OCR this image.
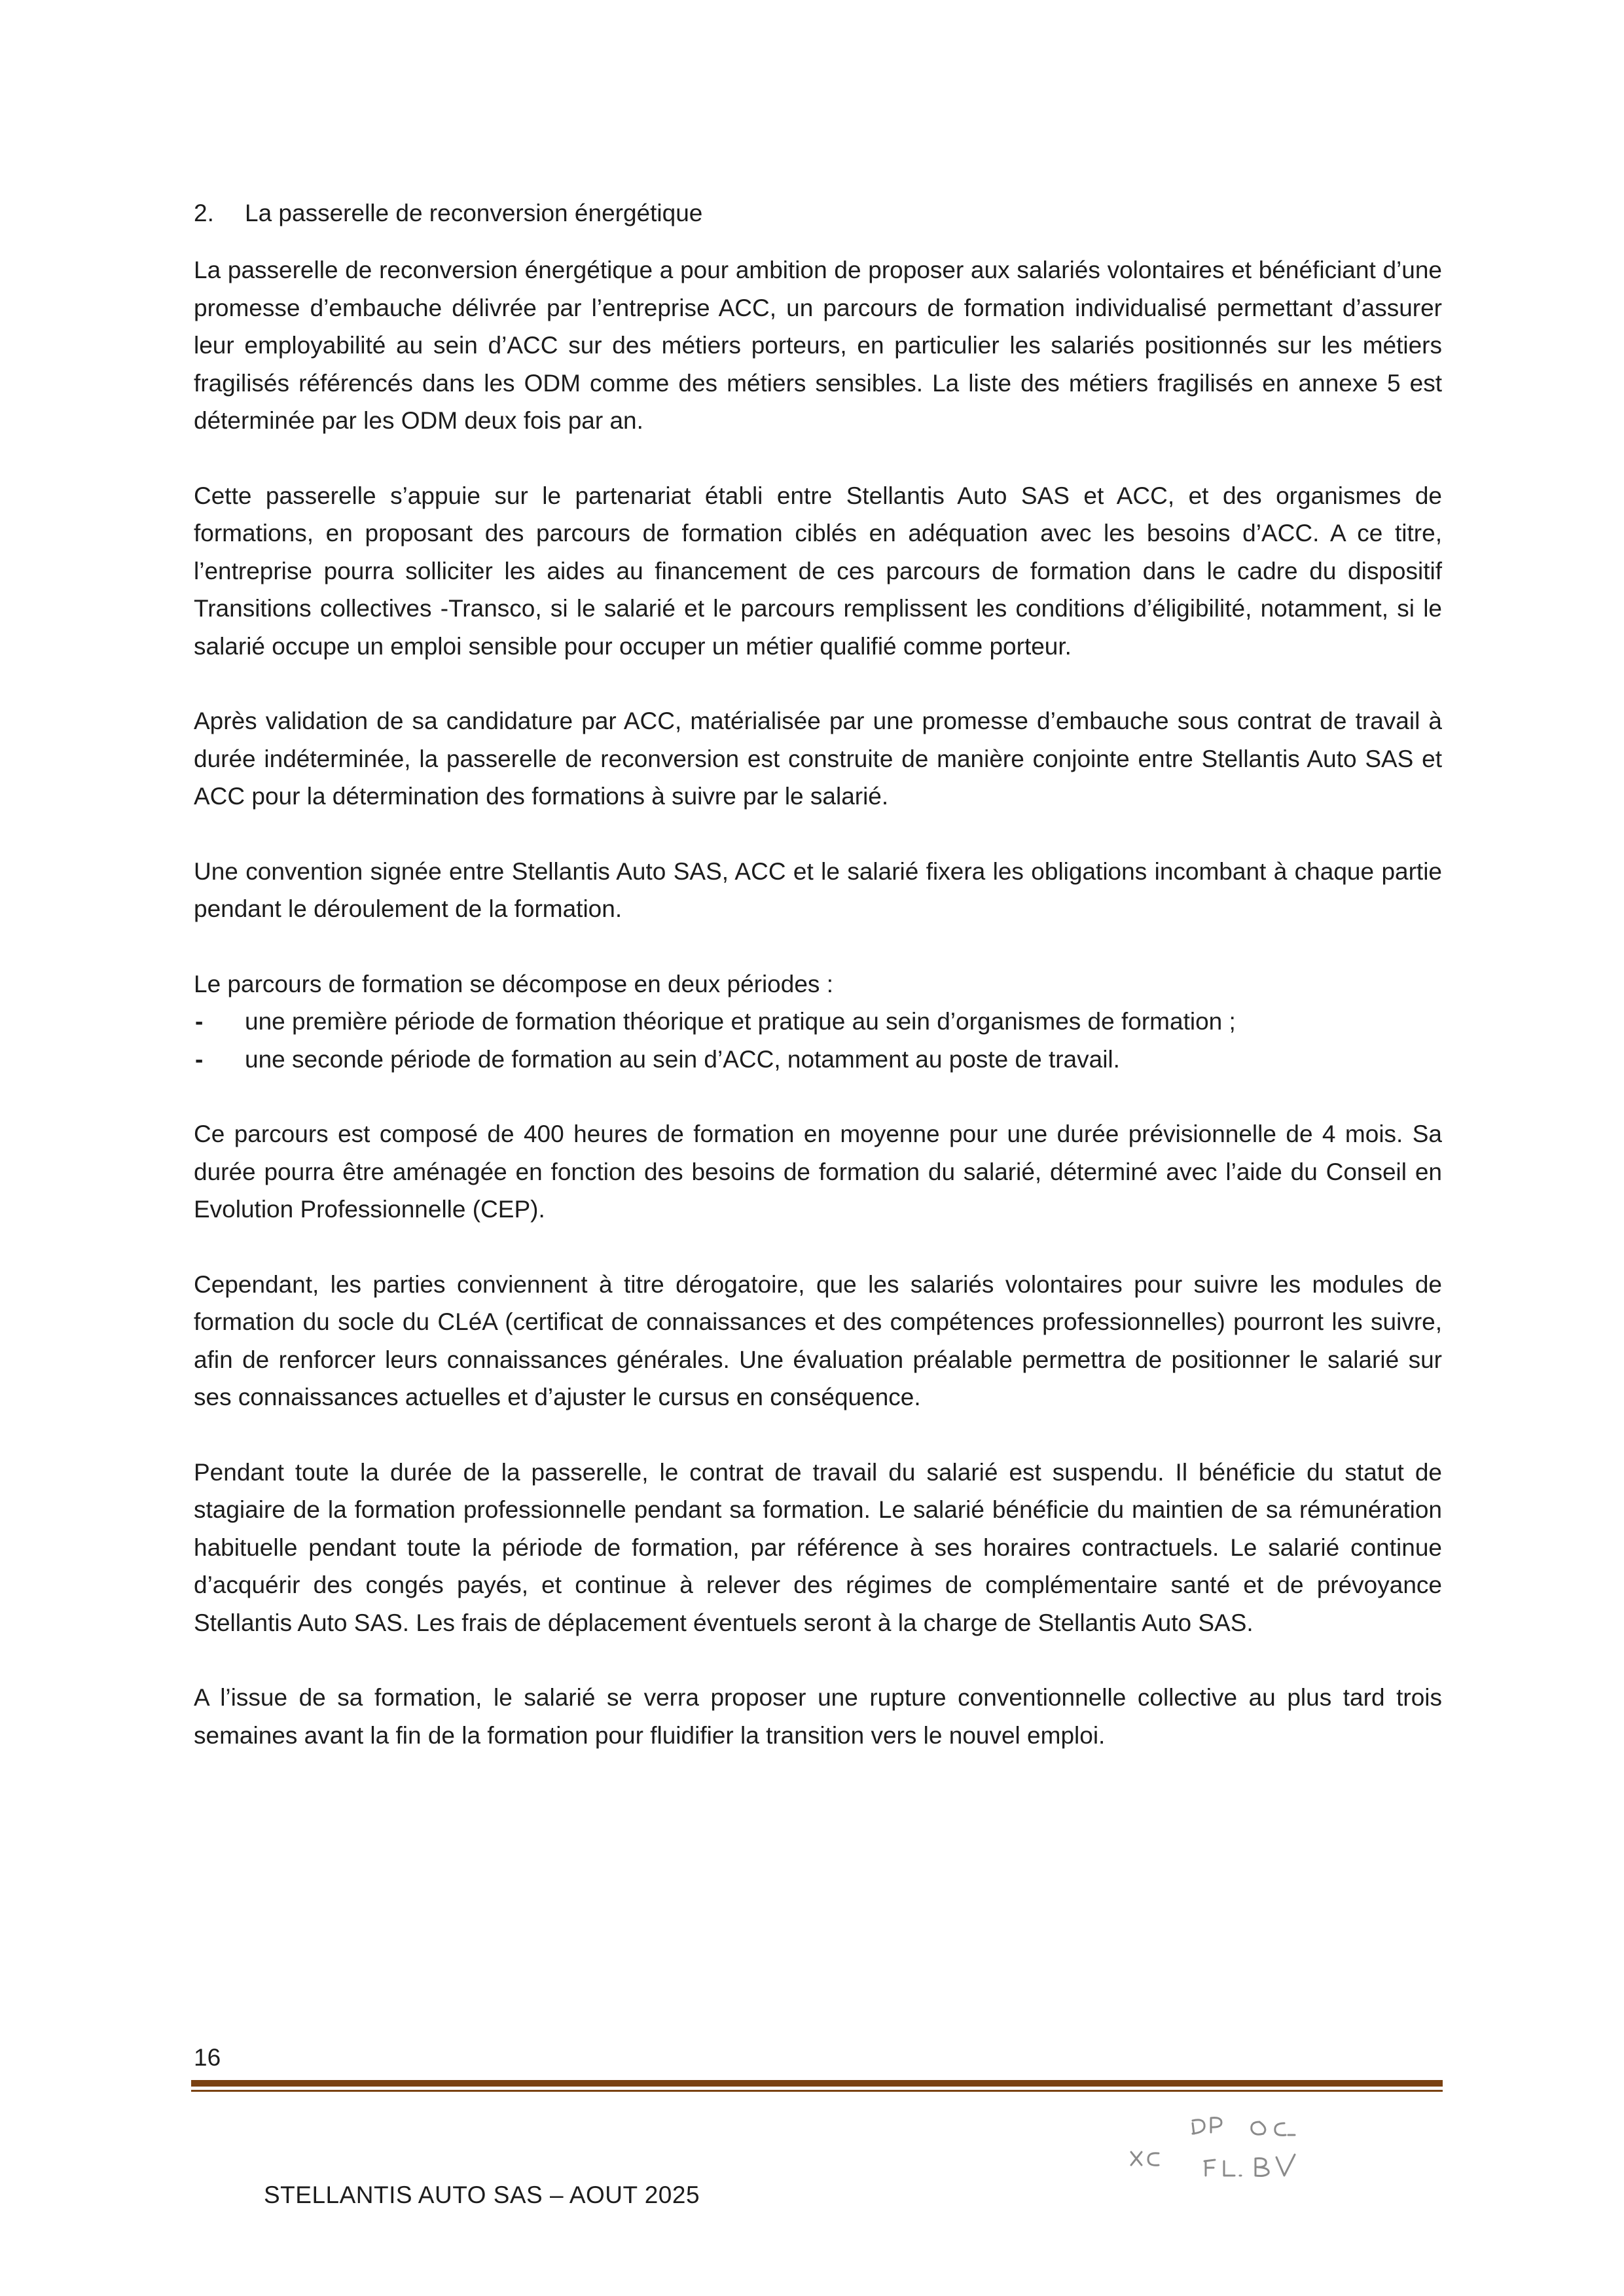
2. La passerelle de reconversion énergétique

La passerelle de reconversion énergétique a pour ambition de proposer aux salariés volontaires et bénéficiant d’une promesse d’embauche délivrée par l’entreprise ACC, un parcours de formation individualisé permettant d’assurer leur employabilité au sein d’ACC sur des métiers porteurs, en particulier les salariés positionnés sur les métiers fragilisés référencés dans les ODM comme des métiers sensibles. La liste des métiers fragilisés en annexe 5 est déterminée par les ODM deux fois par an.

Cette passerelle s’appuie sur le partenariat établi entre Stellantis Auto SAS et ACC, et des organismes de formations, en proposant des parcours de formation ciblés en adéquation avec les besoins d’ACC. A ce titre, l’entreprise pourra solliciter les aides au financement de ces parcours de formation dans le cadre du dispositif Transitions collectives -Transco, si le salarié et le parcours remplissent les conditions d’éligibilité, notamment, si le salarié occupe un emploi sensible pour occuper un métier qualifié comme porteur.

Après validation de sa candidature par ACC, matérialisée par une promesse d’embauche sous contrat de travail à durée indéterminée, la passerelle de reconversion est construite de manière conjointe entre Stellantis Auto SAS et ACC pour la détermination des formations à suivre par le salarié.

Une convention signée entre Stellantis Auto SAS, ACC et le salarié fixera les obligations incombant à chaque partie pendant le déroulement de la formation.

Le parcours de formation se décompose en deux périodes :

- une première période de formation théorique et pratique au sein d’organismes de formation ;
- une seconde période de formation au sein d’ACC, notamment au poste de travail.

Ce parcours est composé de 400 heures de formation en moyenne pour une durée prévisionnelle de 4 mois. Sa durée pourra être aménagée en fonction des besoins de formation du salarié, déterminé avec l’aide du Conseil en Evolution Professionnelle (CEP).

Cependant, les parties conviennent à titre dérogatoire, que les salariés volontaires pour suivre les modules de formation du socle du CLéA (certificat de connaissances et des compétences professionnelles) pourront les suivre, afin de renforcer leurs connaissances générales. Une évaluation préalable permettra de positionner le salarié sur ses connaissances actuelles et d’ajuster le cursus en conséquence.

Pendant toute la durée de la passerelle, le contrat de travail du salarié est suspendu. Il bénéficie du statut de stagiaire de la formation professionnelle pendant sa formation. Le salarié bénéficie du maintien de sa rémunération habituelle pendant toute la période de formation, par référence à ses horaires contractuels. Le salarié continue d’acquérir des congés payés, et continue à relever des régimes de complémentaire santé et de prévoyance Stellantis Auto SAS. Les frais de déplacement éventuels seront à la charge de Stellantis Auto SAS.

A l’issue de sa formation, le salarié se verra proposer une rupture conventionnelle collective au plus tard trois semaines avant la fin de la formation pour fluidifier la transition vers le nouvel emploi.

16
STELLANTIS AUTO SAS – AOUT 2025
